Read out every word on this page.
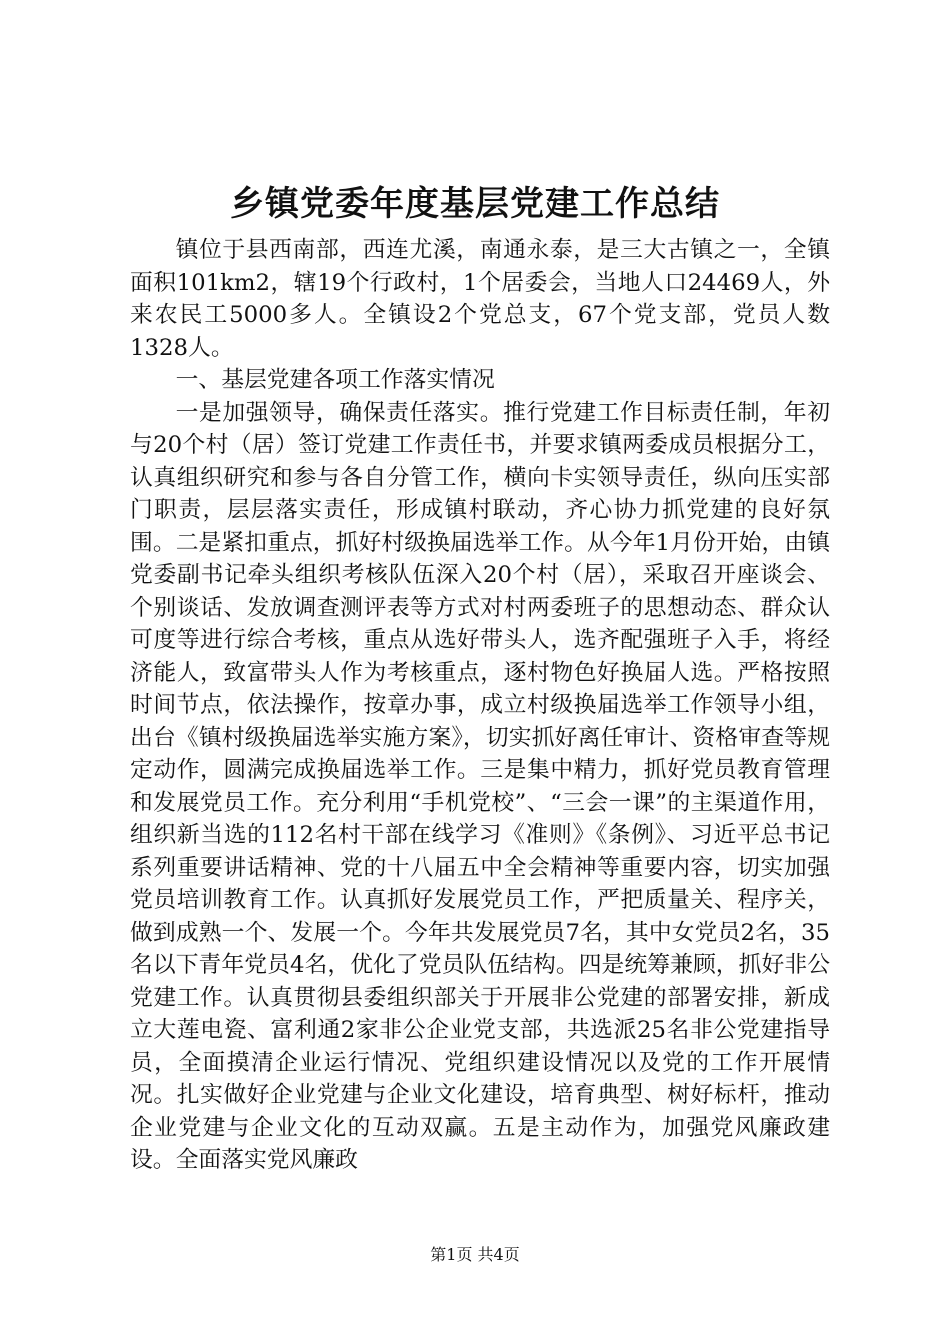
乡镇党委年度基层党建工作总结

镇位于县西南部，西连尤溪，南通永泰，是三大古镇之一，全镇面积101km2，辖19个行政村，1个居委会，当地人口24469人，外来农民工5000多人。全镇设2个党总支，67个党支部，党员人数1328人。

一、基层党建各项工作落实情况

一是加强领导，确保责任落实。推行党建工作目标责任制，年初与20个村（居）签订党建工作责任书，并要求镇两委成员根据分工，认真组织研究和参与各自分管工作，横向卡实领导责任，纵向压实部门职责，层层落实责任，形成镇村联动，齐心协力抓党建的良好氛围。二是紧扣重点，抓好村级换届选举工作。从今年1月份开始，由镇党委副书记牵头组织考核队伍深入20个村（居），采取召开座谈会、个别谈话、发放调查测评表等方式对村两委班子的思想动态、群众认可度等进行综合考核，重点从选好带头人，选齐配强班子入手，将经济能人，致富带头人作为考核重点，逐村物色好换届人选。严格按照时间节点，依法操作，按章办事，成立村级换届选举工作领导小组，出台《镇村级换届选举实施方案》，切实抓好离任审计、资格审查等规定动作，圆满完成换届选举工作。三是集中精力，抓好党员教育管理和发展党员工作。充分利用“手机党校”、“三会一课”的主渠道作用，组织新当选的112名村干部在线学习《准则》《条例》、习近平总书记系列重要讲话精神、党的十八届五中全会精神等重要内容，切实加强党员培训教育工作。认真抓好发展党员工作，严把质量关、程序关，做到成熟一个、发展一个。今年共发展党员7名，其中女党员2名，35名以下青年党员4名，优化了党员队伍结构。四是统筹兼顾，抓好非公党建工作。认真贯彻县委组织部关于开展非公党建的部署安排，新成立大莲电瓷、富利通2家非公企业党支部，共选派25名非公党建指导员，全面摸清企业运行情况、党组织建设情况以及党的工作开展情况。扎实做好企业党建与企业文化建设，培育典型、树好标杆，推动企业党建与企业文化的互动双赢。五是主动作为，加强党风廉政建设。全面落实党风廉政

第1页 共4页
